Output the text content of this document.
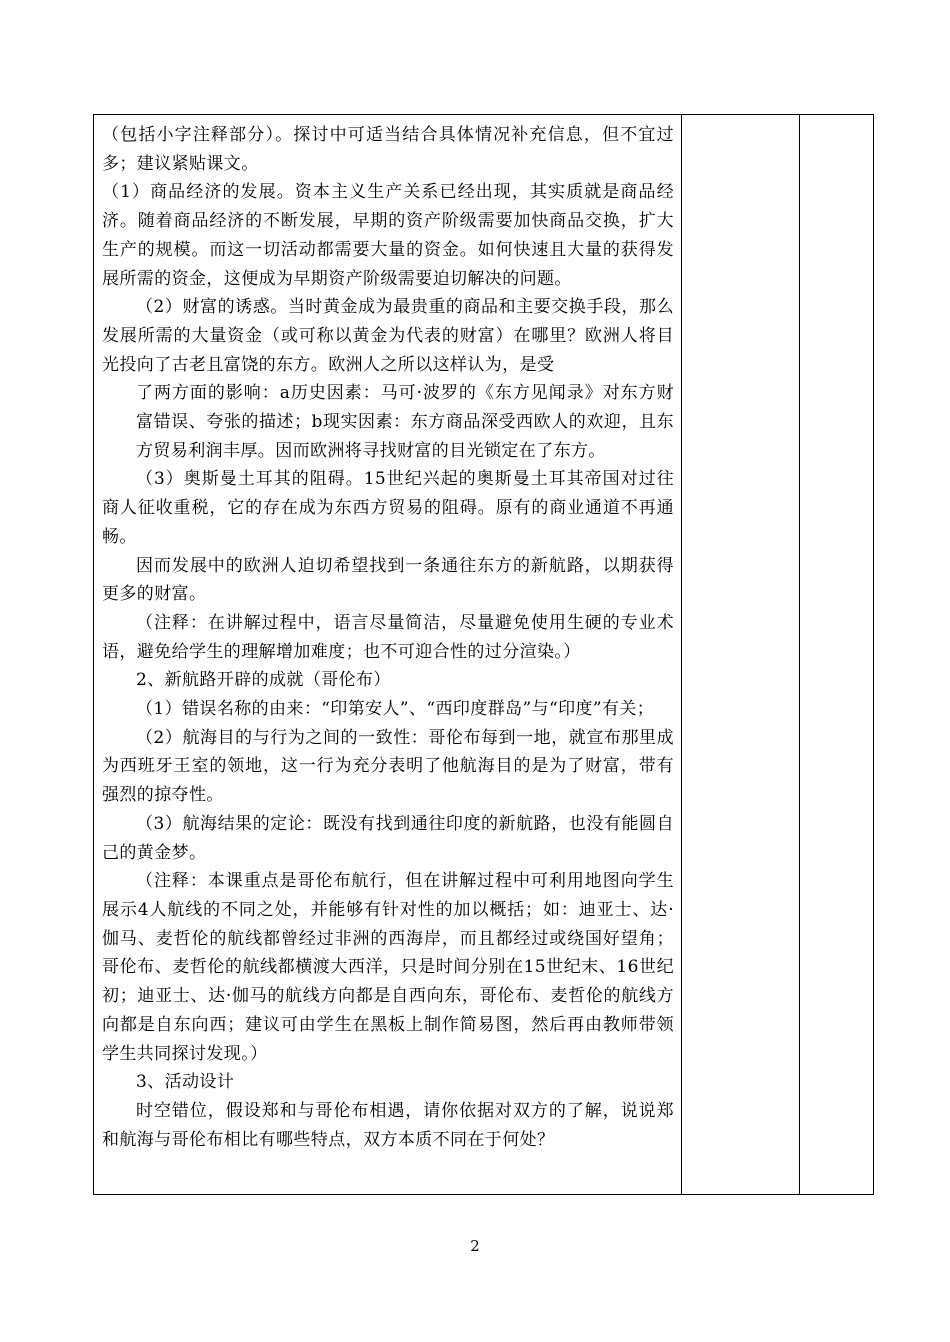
（包括小字注释部分）。探讨中可适当结合具体情况补充信息，但不宜过多；建议紧贴课文。

（1）商品经济的发展。资本主义生产关系已经出现，其实质就是商品经济。随着商品经济的不断发展，早期的资产阶级需要加快商品交换，扩大生产的规模。而这一切活动都需要大量的资金。如何快速且大量的获得发展所需的资金，这便成为早期资产阶级需要迫切解决的问题。

（2）财富的诱惑。当时黄金成为最贵重的商品和主要交换手段，那么发展所需的大量资金（或可称以黄金为代表的财富）在哪里？欧洲人将目光投向了古老且富饶的东方。欧洲人之所以这样认为，是受

了两方面的影响：a历史因素：马可·波罗的《东方见闻录》对东方财富错误、夸张的描述；b现实因素：东方商品深受西欧人的欢迎，且东方贸易利润丰厚。因而欧洲将寻找财富的目光锁定在了东方。

（3）奥斯曼土耳其的阻碍。15世纪兴起的奥斯曼土耳其帝国对过往商人征收重税，它的存在成为东西方贸易的阻碍。原有的商业通道不再通畅。

因而发展中的欧洲人迫切希望找到一条通往东方的新航路，以期获得更多的财富。

（注释：在讲解过程中，语言尽量简洁，尽量避免使用生硬的专业术语，避免给学生的理解增加难度；也不可迎合性的过分渲染。）

2、新航路开辟的成就（哥伦布）

（1）错误名称的由来：“印第安人”、“西印度群岛”与“印度”有关；

（2）航海目的与行为之间的一致性：哥伦布每到一地，就宣布那里成为西班牙王室的领地，这一行为充分表明了他航海目的是为了财富，带有强烈的掠夺性。

（3）航海结果的定论：既没有找到通往印度的新航路，也没有能圆自己的黄金梦。

（注释：本课重点是哥伦布航行，但在讲解过程中可利用地图向学生展示4人航线的不同之处，并能够有针对性的加以概括；如：迪亚士、达·伽马、麦哲伦的航线都曾经过非洲的西海岸，而且都经过或绕国好望角；哥伦布、麦哲伦的航线都横渡大西洋，只是时间分别在15世纪末、16世纪初；迪亚士、达·伽马的航线方向都是自西向东，哥伦布、麦哲伦的航线方向都是自东向西；建议可由学生在黑板上制作简易图，然后再由教师带领学生共同探讨发现。）

3、活动设计

时空错位，假设郑和与哥伦布相遇，请你依据对双方的了解，说说郑和航海与哥伦布相比有哪些特点，双方本质不同在于何处？

2
